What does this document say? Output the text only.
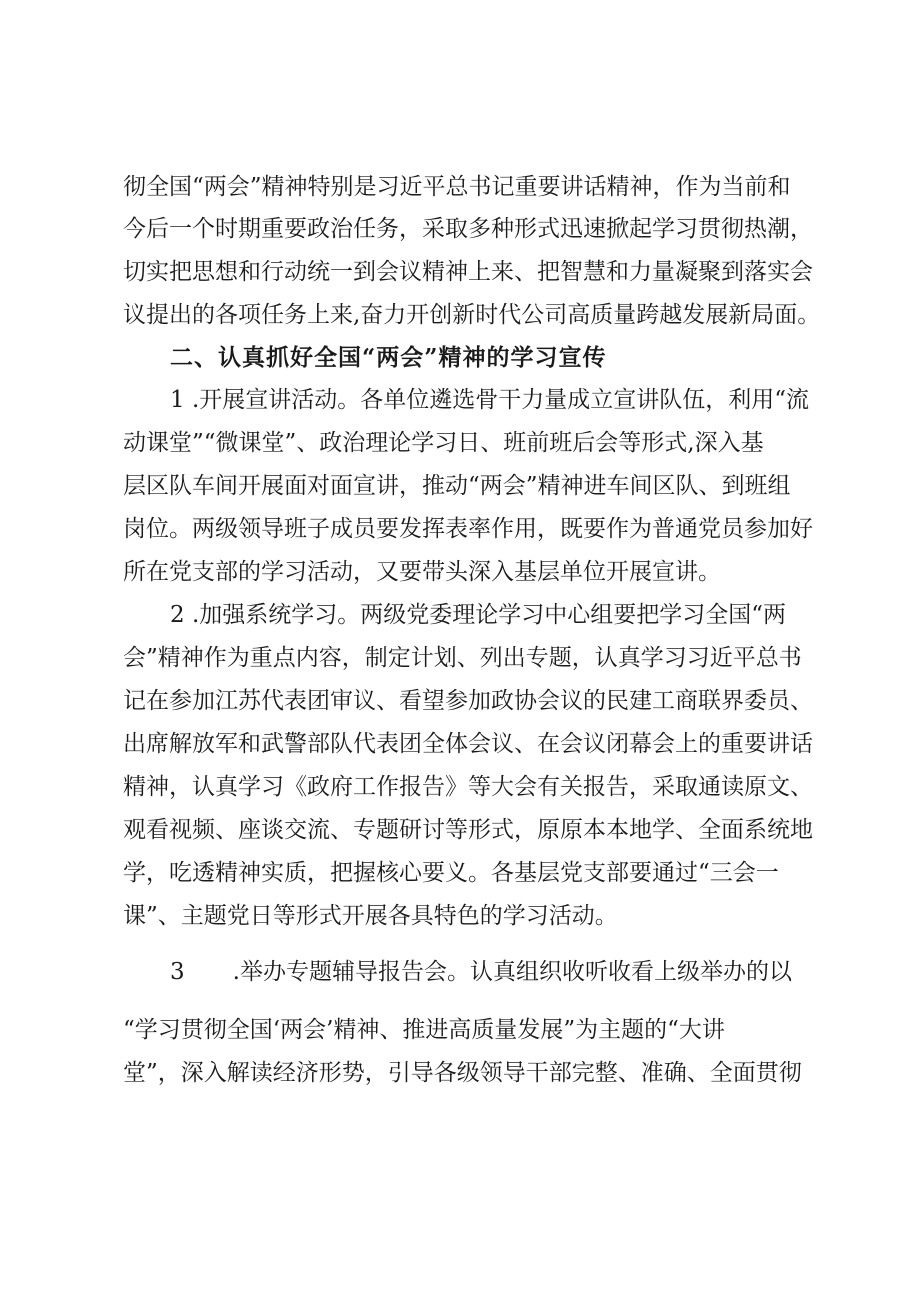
彻全国“两会”精神特别是习近平总书记重要讲话精神，作为当前和
今后一个时期重要政治任务，采取多种形式迅速掀起学习贯彻热潮，
切实把思想和行动统一到会议精神上来、把智慧和力量凝聚到落实会
议提出的各项任务上来,奋力开创新时代公司高质量跨越发展新局面。
二、认真抓好全国“两会”精神的学习宣传
1 .开展宣讲活动。各单位遴选骨干力量成立宣讲队伍，利用“流
动课堂”“微课堂”、政治理论学习日、班前班后会等形式,深入基
层区队车间开展面对面宣讲，推动“两会”精神进车间区队、到班组
岗位。两级领导班子成员要发挥表率作用，既要作为普通党员参加好
所在党支部的学习活动，又要带头深入基层单位开展宣讲。
2 .加强系统学习。两级党委理论学习中心组要把学习全国“两
会”精神作为重点内容，制定计划、列出专题，认真学习习近平总书
记在参加江苏代表团审议、看望参加政协会议的民建工商联界委员、
出席解放军和武警部队代表团全体会议、在会议闭幕会上的重要讲话
精神，认真学习《政府工作报告》等大会有关报告，采取通读原文、
观看视频、座谈交流、专题研讨等形式，原原本本地学、全面系统地
学，吃透精神实质，把握核心要义。各基层党支部要通过“三会一
课”、主题党日等形式开展各具特色的学习活动。
3 .举办专题辅导报告会。认真组织收听收看上级举办的以
“学习贯彻全国‘两会’精神、推进高质量发展”为主题的“大讲
堂”，深入解读经济形势，引导各级领导干部完整、准确、全面贯彻
